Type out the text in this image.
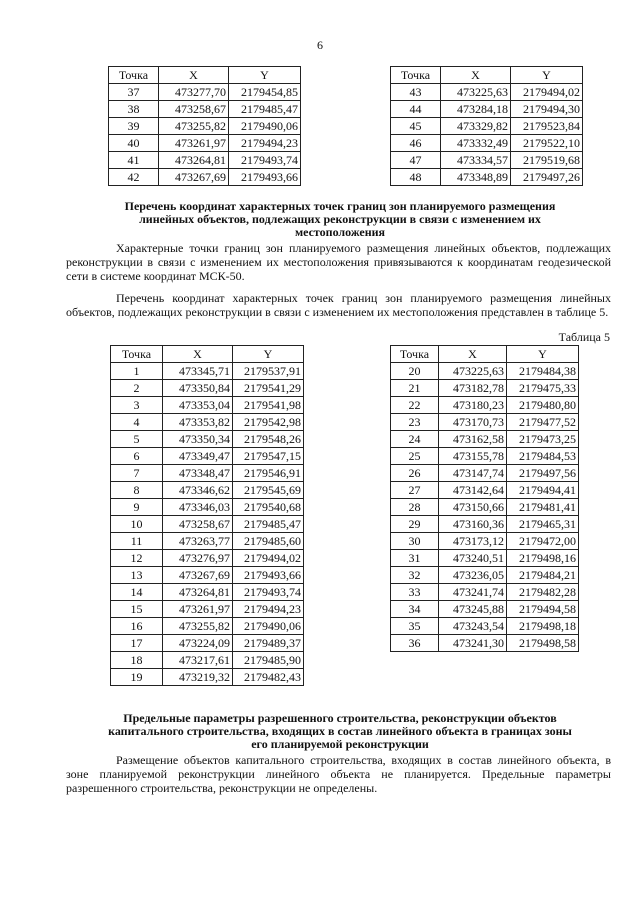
6
Точка	X	Y
37	473277,70	2179454,85
38	473258,67	2179485,47
39	473255,82	2179490,06
40	473261,97	2179494,23
41	473264,81	2179493,74
42	473267,69	2179493,66
Точка	X	Y
43	473225,63	2179494,02
44	473284,18	2179494,30
45	473329,82	2179523,84
46	473332,49	2179522,10
47	473334,57	2179519,68
48	473348,89	2179497,26
Перечень координат характерных точек границ зон планируемого размещения линейных объектов, подлежащих реконструкции в связи с изменением их местоположения
Характерные точки границ зон планируемого размещения линейных объектов, подлежащих реконструкции в связи с изменением их местоположения привязываются к координатам геодезической сети в системе координат МСК-50.
Перечень координат характерных точек границ зон планируемого размещения линейных объектов, подлежащих реконструкции в связи с изменением их местоположения представлен в таблице 5.
Таблица 5
Точка	X	Y
1	473345,71	2179537,91
2	473350,84	2179541,29
3	473353,04	2179541,98
4	473353,82	2179542,98
5	473350,34	2179548,26
6	473349,47	2179547,15
7	473348,47	2179546,91
8	473346,62	2179545,69
9	473346,03	2179540,68
10	473258,67	2179485,47
11	473263,77	2179485,60
12	473276,97	2179494,02
13	473267,69	2179493,66
14	473264,81	2179493,74
15	473261,97	2179494,23
16	473255,82	2179490,06
17	473224,09	2179489,37
18	473217,61	2179485,90
19	473219,32	2179482,43
Точка	X	Y
20	473225,63	2179484,38
21	473182,78	2179475,33
22	473180,23	2179480,80
23	473170,73	2179477,52
24	473162,58	2179473,25
25	473155,78	2179484,53
26	473147,74	2179497,56
27	473142,64	2179494,41
28	473150,66	2179481,41
29	473160,36	2179465,31
30	473173,12	2179472,00
31	473240,51	2179498,16
32	473236,05	2179484,21
33	473241,74	2179482,28
34	473245,88	2179494,58
35	473243,54	2179498,18
36	473241,30	2179498,58
Предельные параметры разрешенного строительства, реконструкции объектов капитального строительства, входящих в состав линейного объекта в границах зоны его планируемой реконструкции
Размещение объектов капитального строительства, входящих в состав линейного объекта, в зоне планируемой реконструкции линейного объекта не планируется. Предельные параметры разрешенного строительства, реконструкции не определены.
